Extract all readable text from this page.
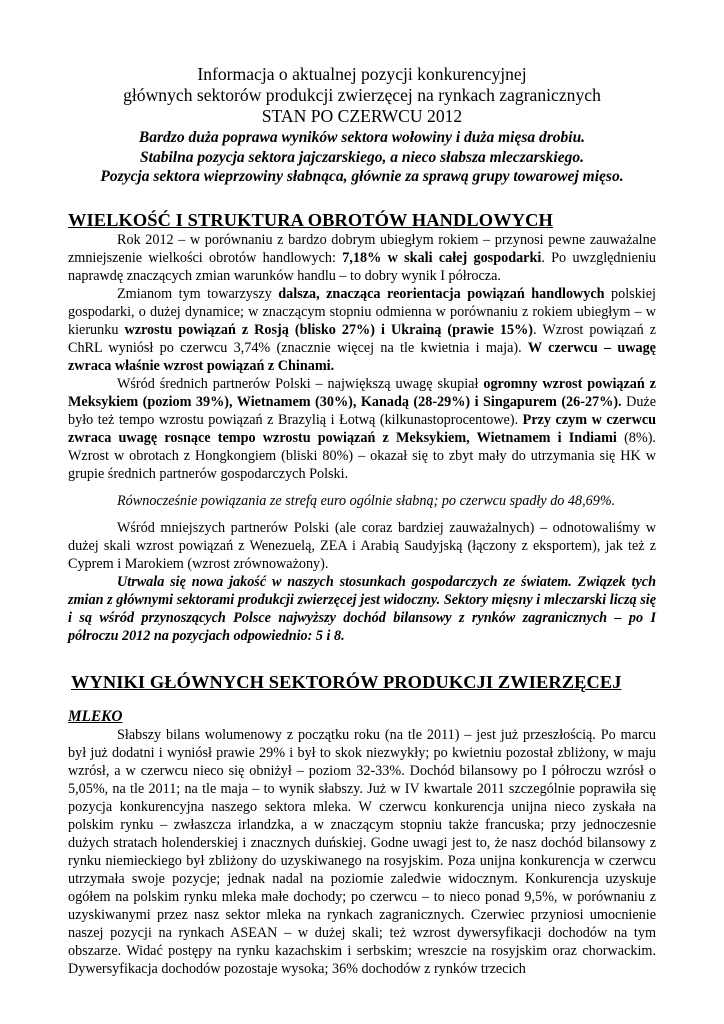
Informacja o aktualnej pozycji konkurencyjnej
głównych sektorów produkcji zwierzęcej na rynkach zagranicznych
STAN PO CZERWCU 2012
Bardzo duża poprawa wyników sektora wołowiny i duża mięsa drobiu.
Stabilna pozycja sektora jajczarskiego, a nieco słabsza mleczarskiego.
Pozycja sektora wieprzowiny słabnąca, głównie za sprawą grupy towarowej mięso.
WIELKOŚĆ I STRUKTURA OBROTÓW HANDLOWYCH

Rok 2012 – w porównaniu z bardzo dobrym ubiegłym rokiem – przynosi pewne zauważalne zmniejszenie wielkości obrotów handlowych: 7,18% w skali całej gospodarki. Po uwzględnieniu naprawdę znaczących zmian warunków handlu – to dobry wynik I półrocza.

Zmianom tym towarzyszy dalsza, znacząca reorientacja powiązań handlowych polskiej gospodarki, o dużej dynamice; w znaczącym stopniu odmienna w porównaniu z rokiem ubiegłym – w kierunku wzrostu powiązań z Rosją (blisko 27%) i Ukrainą (prawie 15%). Wzrost powiązań z ChRL wyniósł po czerwcu 3,74% (znacznie więcej na tle kwietnia i maja). W czerwcu – uwagę zwraca właśnie wzrost powiązań z Chinami.

Wśród średnich partnerów Polski – największą uwagę skupiał ogromny wzrost powiązań z Meksykiem (poziom 39%), Wietnamem (30%), Kanadą (28-29%) i Singapurem (26-27%). Duże było też tempo wzrostu powiązań z Brazylią i Łotwą (kilkunastoprocentowe). Przy czym w czerwcu zwraca uwagę rosnące tempo wzrostu powiązań z Meksykiem, Wietnamem i Indiami (8%). Wzrost w obrotach z Hongkongiem (bliski 80%) – okazał się to zbyt mały do utrzymania się HK w grupie średnich partnerów gospodarczych Polski.

Równocześnie powiązania ze strefą euro ogólnie słabną; po czerwcu spadły do 48,69%.

Wśród mniejszych partnerów Polski (ale coraz bardziej zauważalnych) – odnotowaliśmy w dużej skali wzrost powiązań z Wenezuelą, ZEA i Arabią Saudyjską (łączony z eksportem), jak też z Cyprem i Marokiem (wzrost zrównoważony).

Utrwala się nowa jakość w naszych stosunkach gospodarczych ze światem. Związek tych zmian z głównymi sektorami produkcji zwierzęcej jest widoczny. Sektory mięsny i mleczarski liczą się i są wśród przynoszących Polsce najwyższy dochód bilansowy z rynków zagranicznych – po I półroczu 2012 na pozycjach odpowiednio: 5 i 8.

WYNIKI GŁÓWNYCH SEKTORÓW PRODUKCJI ZWIERZĘCEJ
MLEKO

Słabszy bilans wolumenowy z początku roku (na tle 2011) – jest już przeszłością. Po marcu był już dodatni i wyniósł prawie 29% i był to skok niezwykły; po kwietniu pozostał zbliżony, w maju wzrósł, a w czerwcu nieco się obniżył – poziom 32-33%. Dochód bilansowy po I półroczu wzrósł o 5,05%, na tle 2011; na tle maja – to wynik słabszy. Już w IV kwartale 2011 szczególnie poprawiła się pozycja konkurencyjna naszego sektora mleka. W czerwcu konkurencja unijna nieco zyskała na polskim rynku – zwłaszcza irlandzka, a w znaczącym stopniu także francuska; przy jednoczesnie dużych stratach holenderskiej i znacznych duńskiej. Godne uwagi jest to, że nasz dochód bilansowy z rynku niemieckiego był zbliżony do uzyskiwanego na rosyjskim. Poza unijna konkurencja w czerwcu utrzymała swoje pozycje; jednak nadal na poziomie zaledwie widocznym. Konkurencja uzyskuje ogółem na polskim rynku mleka małe dochody; po czerwcu – to nieco ponad 9,5%, w porównaniu z uzyskiwanymi przez nasz sektor mleka na rynkach zagranicznych. Czerwiec przyniosi umocnienie naszej pozycji na rynkach ASEAN – w dużej skali; też wzrost dywersyfikacji dochodów na tym obszarze. Widać postępy na rynku kazachskim i serbskim; wreszcie na rosyjskim oraz chorwackim. Dywersyfikacja dochodów pozostaje wysoka; 36% dochodów z rynków trzecich
